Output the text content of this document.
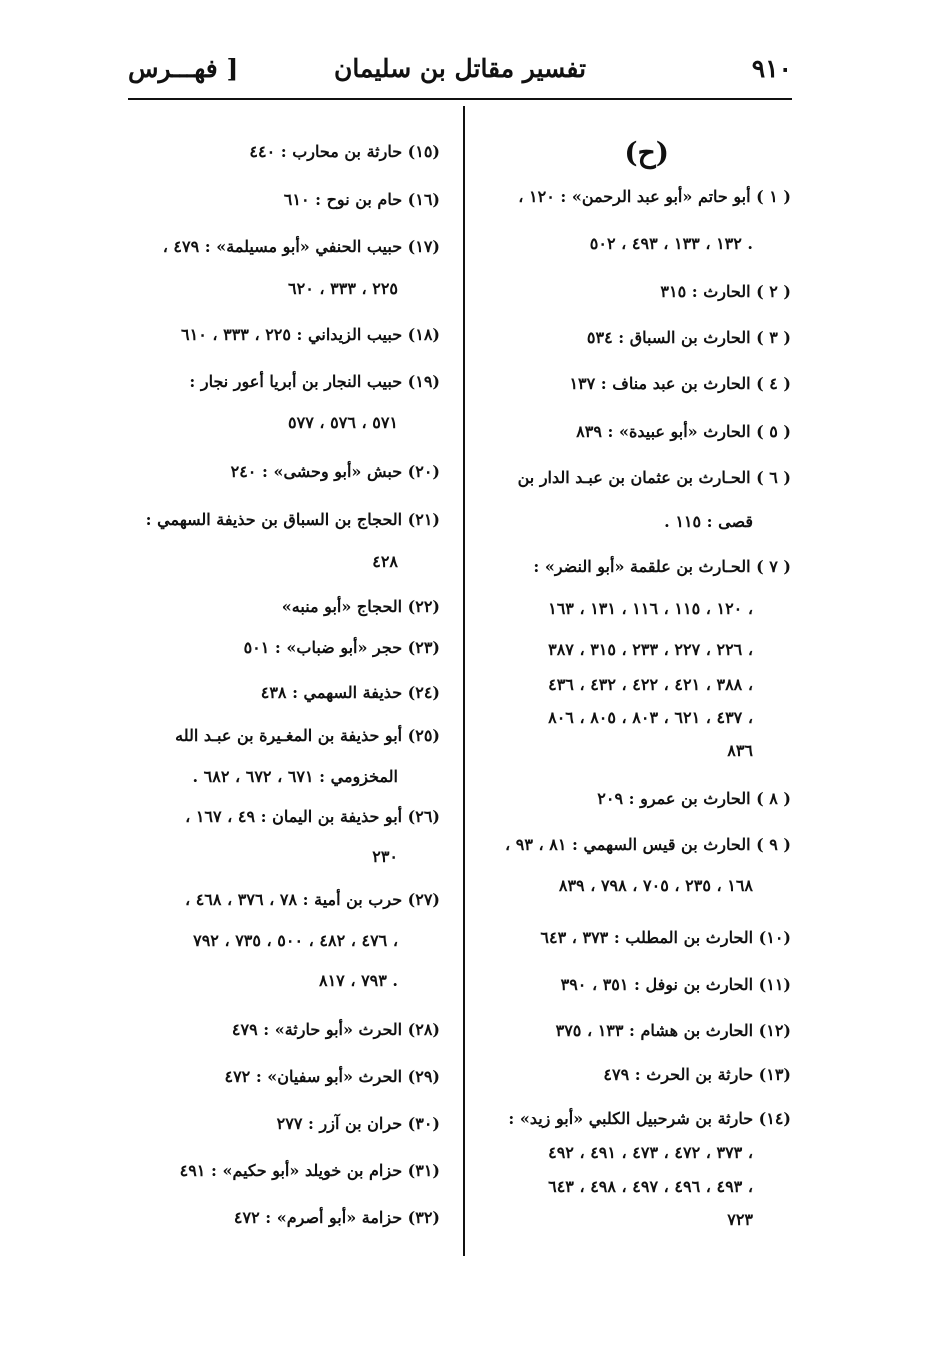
٩١٠
تفسير مقاتل بن سليمان
[ فهـــرس
(ح)
( ١ ) أبو حاتم «أبو عبد الرحمن» : ١٢٠ ،
١٣٢ ، ١٣٣ ، ٤٩٣ ، ٥٠٢ .
( ٢ ) الحارث : ٣١٥
( ٣ ) الحارث بن السباق : ٥٣٤
( ٤ ) الحارث بن عبد مناف : ١٣٧
( ٥ ) الحارث «أبو عبيدة» : ٨٣٩
( ٦ ) الحـارث بن عثمان بن عبـد الدار بن
قصى : ١١٥ .
( ٧ ) الحـارث بن علقمة «أبو النضر» :
١٢٠ ، ١١٥ ، ١١٦ ، ١٣١ ، ١٦٣ ،
٢٢٦ ، ٢٢٧ ، ٢٣٣ ، ٣١٥ ، ٣٨٧ ،
٣٨٨ ، ٤٢١ ، ٤٢٢ ، ٤٣٢ ، ٤٣٦ ،
٤٣٧ ، ٦٢١ ، ٨٠٣ ، ٨٠٥ ، ٨٠٦ ،
٨٣٦
( ٨ ) الحارث بن عمرو : ٢٠٩
( ٩ ) الحارث بن قيس السهمي : ٨١ ، ٩٣ ،
١٦٨ ، ٢٣٥ ، ٧٠٥ ، ٧٩٨ ، ٨٣٩
(١٠) الحارث بن المطلب : ٣٧٣ ، ٦٤٣
(١١) الحارث بن نوفل : ٣٥١ ، ٣٩٠
(١٢) الحارث بن هشام : ١٣٣ ، ٣٧٥
(١٣) حارثة بن الحرث : ٤٧٩
(١٤) حارثة بن شرحبيل الكلبي «أبو زيد» :
٣٧٣ ، ٤٧٢ ، ٤٧٣ ، ٤٩١ ، ٤٩٢ ،
٤٩٣ ، ٤٩٦ ، ٤٩٧ ، ٤٩٨ ، ٦٤٣ ،
٧٢٣
(١٥) حارثة بن محارب : ٤٤٠
(١٦) حام بن نوح : ٦١٠
(١٧) حبيب الحنفي «أبو مسيلمة» : ٤٧٩ ،
٢٢٥ ، ٣٣٣ ، ٦٢٠
(١٨) حبيب الزيداني : ٢٢٥ ، ٣٣٣ ، ٦١٠
(١٩) حبيب النجار بن أبريا أعور نجار :
٥٧١ ، ٥٧٦ ، ٥٧٧
(٢٠) حبش «أبو وحشى» : ٢٤٠
(٢١) الحجاج بن السباق بن حذيفة السهمي :
٤٢٨
(٢٢) الحجاج «أبو منبه»
(٢٣) حجر «أبو ضباب» : ٥٠١
(٢٤) حذيفة السهمي : ٤٣٨
(٢٥) أبو حذيفة بن المغـيرة بن عبـد الله
المخزومي : ٦٧١ ، ٦٧٢ ، ٦٨٢ .
(٢٦) أبو حذيفة بن اليمان : ٤٩ ، ١٦٧ ،
٢٣٠
(٢٧) حرب بن أمية : ٧٨ ، ٣٧٦ ، ٤٦٨ ،
٤٧٦ ، ٤٨٢ ، ٥٠٠ ، ٧٣٥ ، ٧٩٢ ،
٧٩٣ ، ٨١٧ .
(٢٨) الحرث «أبو حارثة» : ٤٧٩
(٢٩) الحرث «أبو سفيان» : ٤٧٢
(٣٠) حران بن آزر : ٢٧٧
(٣١) حزام بن خويلد «أبو حكيم» : ٤٩١
(٣٢) حزامة «أبو أصرم» : ٤٧٢
